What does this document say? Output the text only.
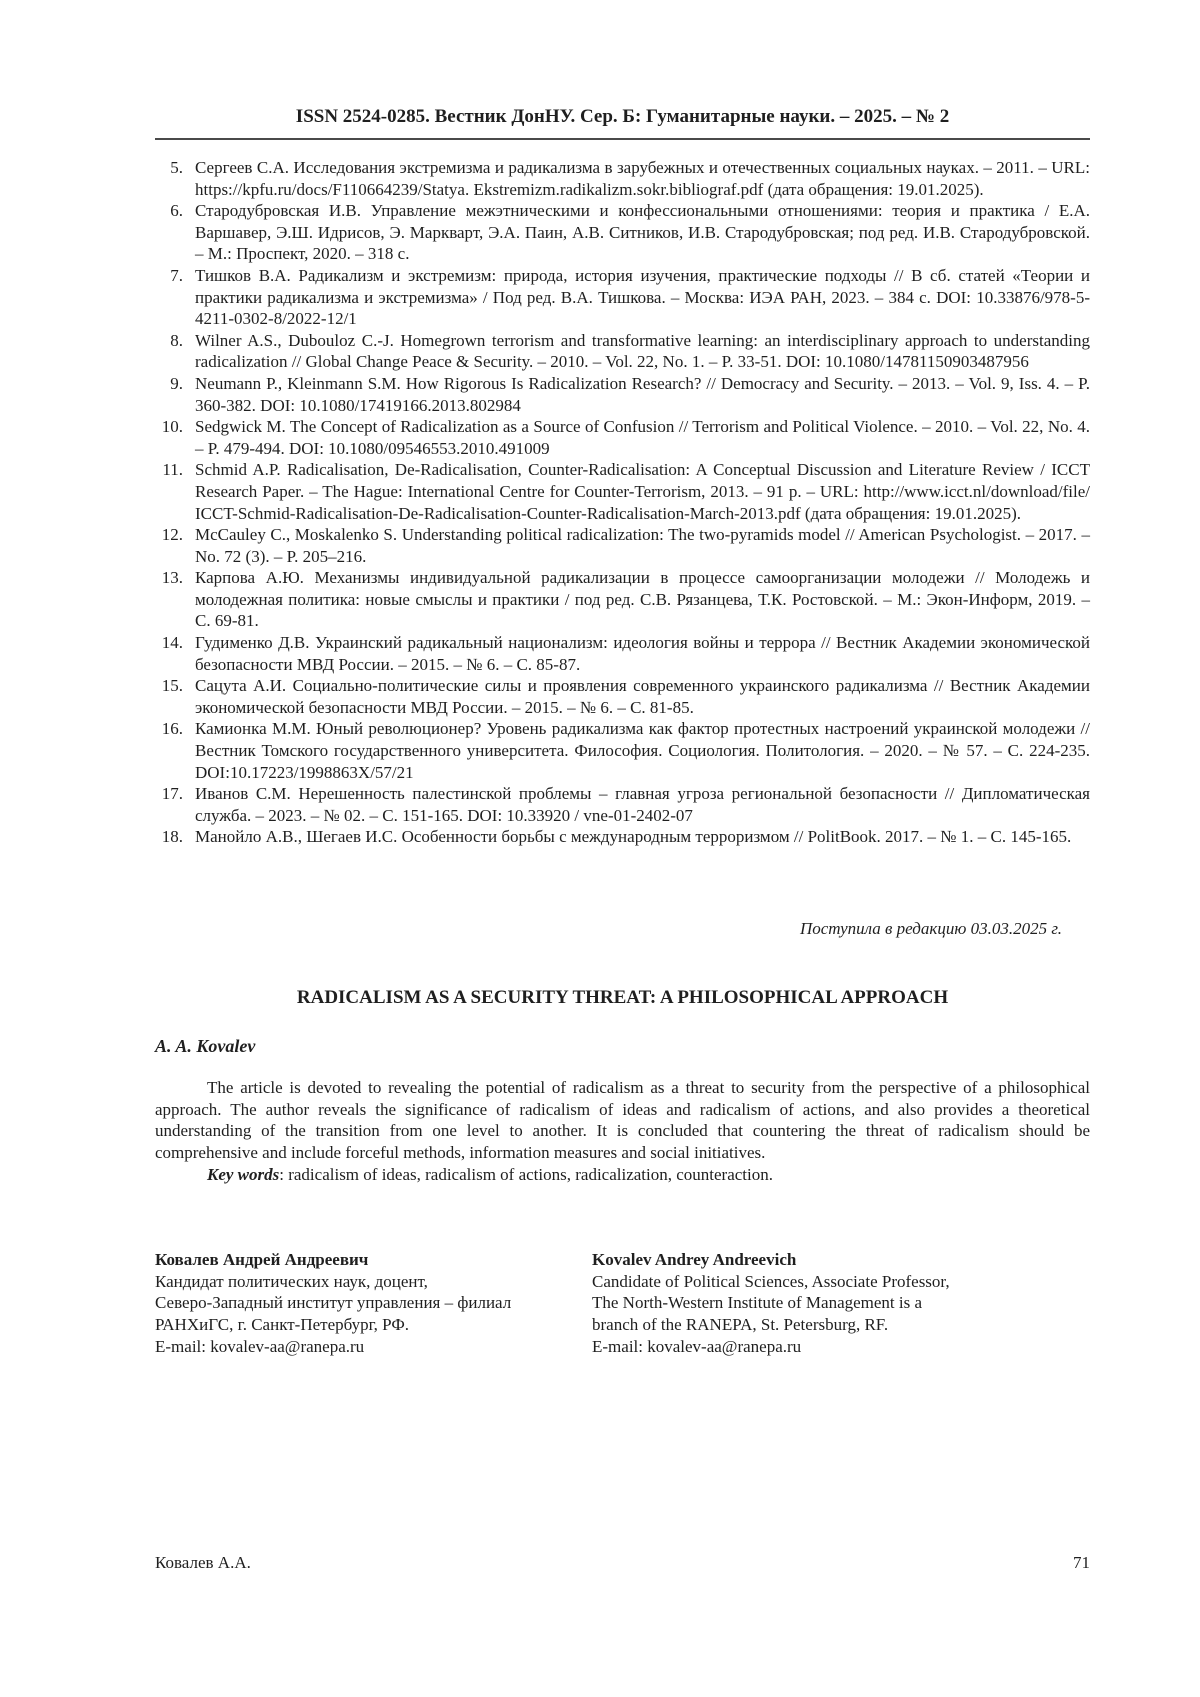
ISSN 2524-0285. Вестник ДонНУ. Сер. Б: Гуманитарные науки. – 2025. – № 2
5. Сергеев С.А. Исследования экстремизма и радикализма в зарубежных и отечественных социальных науках. – 2011. – URL: https://kpfu.ru/docs/F110664239/Statya. Ekstremizm.radikalizm.sokr.bibliograf.pdf (дата обращения: 19.01.2025).
6. Стародубровская И.В. Управление межэтническими и конфессиональными отношениями: теория и практика / Е.А. Варшавер, Э.Ш. Идрисов, Э. Маркварт, Э.А. Паин, А.В. Ситников, И.В. Стародубровская; под ред. И.В. Стародубровской. – М.: Проспект, 2020. – 318 с.
7. Тишков В.А. Радикализм и экстремизм: природа, история изучения, практические подходы // В сб. статей «Теории и практики радикализма и экстремизма» / Под ред. В.А. Тишкова. – Москва: ИЭА РАН, 2023. – 384 с. DOI: 10.33876/978-5-4211-0302-8/2022-12/1
8. Wilner A.S., Dubouloz C.-J. Homegrown terrorism and transformative learning: an interdisciplinary approach to understanding radicalization // Global Change Peace & Security. – 2010. – Vol. 22, No. 1. – P. 33-51. DOI: 10.1080/14781150903487956
9. Neumann P., Kleinmann S.M. How Rigorous Is Radicalization Research? // Democracy and Security. – 2013. – Vol. 9, Iss. 4. – P. 360-382. DOI: 10.1080/17419166.2013.802984
10. Sedgwick M. The Concept of Radicalization as a Source of Confusion // Terrorism and Political Violence. – 2010. – Vol. 22, No. 4. – P. 479-494. DOI: 10.1080/09546553.2010.491009
11. Schmid A.P. Radicalisation, De-Radicalisation, Counter-Radicalisation: A Conceptual Discussion and Literature Review / ICCT Research Paper. – The Hague: International Centre for Counter-Terrorism, 2013. – 91 p. – URL: http://www.icct.nl/download/file/ ICCT-Schmid-Radicalisation-De-Radicalisation-Counter-Radicalisation-March-2013.pdf (дата обращения: 19.01.2025).
12. McCauley C., Moskalenko S. Understanding political radicalization: The two-pyramids model // American Psychologist. – 2017. – No. 72 (3). – P. 205–216.
13. Карпова А.Ю. Механизмы индивидуальной радикализации в процессе самоорганизации молодежи // Молодежь и молодежная политика: новые смыслы и практики / под ред. С.В. Рязанцева, Т.К. Ростовской. – М.: Экон-Информ, 2019. – С. 69-81.
14. Гудименко Д.В. Украинский радикальный национализм: идеология войны и террора // Вестник Академии экономической безопасности МВД России. – 2015. – № 6. – С. 85-87.
15. Сацута А.И. Социально-политические силы и проявления современного украинского радикализма // Вестник Академии экономической безопасности МВД России. – 2015. – № 6. – С. 81-85.
16. Камионка М.М. Юный революционер? Уровень радикализма как фактор протестных настроений украинской молодежи // Вестник Томского государственного университета. Философия. Социология. Политология. – 2020. – № 57. – С. 224-235. DOI:10.17223/1998863X/57/21
17. Иванов С.М. Нерешенность палестинской проблемы – главная угроза региональной безопасности // Дипломатическая служба. – 2023. – № 02. – С. 151-165. DOI: 10.33920 / vne-01-2402-07
18. Манойло А.В., Шегаев И.С. Особенности борьбы с международным терроризмом // PolitBook. 2017. – № 1. – С. 145-165.
Поступила в редакцию 03.03.2025 г.
RADICALISM AS A SECURITY THREAT: A PHILOSOPHICAL APPROACH
A. A. Kovalev

The article is devoted to revealing the potential of radicalism as a threat to security from the perspective of a philosophical approach. The author reveals the significance of radicalism of ideas and radicalism of actions, and also provides a theoretical understanding of the transition from one level to another. It is concluded that countering the threat of radicalism should be comprehensive and include forceful methods, information measures and social initiatives.

Key words: radicalism of ideas, radicalism of actions, radicalization, counteraction.

Ковалев Андрей Андреевич
Кандидат политических наук, доцент,
Северо-Западный институт управления – филиал
РАНХиГС, г. Санкт-Петербург, РФ.
E-mail: kovalev-aa@ranepa.ru
Kovalev Andrey Andreevich
Candidate of Political Sciences, Associate Professor,
The North-Western Institute of Management is a
branch of the RANEPA, St. Petersburg, RF.
E-mail: kovalev-aa@ranepa.ru
Ковалев А.А.	71
